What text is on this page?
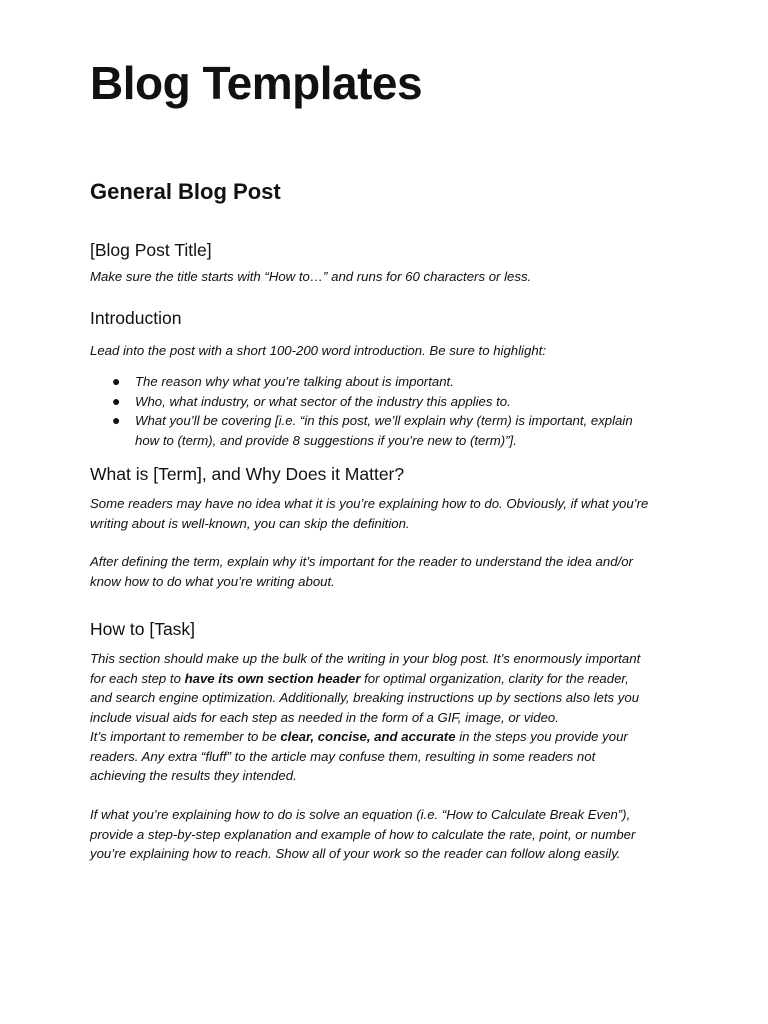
Blog Templates
General Blog Post
[Blog Post Title]

Make sure the title starts with “How to…” and runs for 60 characters or less.

Introduction

Lead into the post with a short 100-200 word introduction. Be sure to highlight:

● The reason why what you’re talking about is important.
● Who, what industry, or what sector of the industry this applies to.
● What you’ll be covering [i.e. “in this post, we’ll explain why (term) is important, explain
how to (term), and provide 8 suggestions if you’re new to (term)”].
What is [Term], and Why Does it Matter?

Some readers may have no idea what it is you’re explaining how to do. Obviously, if what you’re
writing about is well-known, you can skip the definition.

After defining the term, explain why it’s important for the reader to understand the idea and/or
know how to do what you’re writing about.

How to [Task]

This section should make up the bulk of the writing in your blog post. It’s enormously important
for each step to have its own section header for optimal organization, clarity for the reader,
and search engine optimization. Additionally, breaking instructions up by sections also lets you
include visual aids for each step as needed in the form of a GIF, image, or video.
It’s important to remember to be clear, concise, and accurate in the steps you provide your
readers. Any extra “fluff” to the article may confuse them, resulting in some readers not
achieving the results they intended.

If what you’re explaining how to do is solve an equation (i.e. “How to Calculate Break Even”),
provide a step-by-step explanation and example of how to calculate the rate, point, or number
you’re explaining how to reach. Show all of your work so the reader can follow along easily.
